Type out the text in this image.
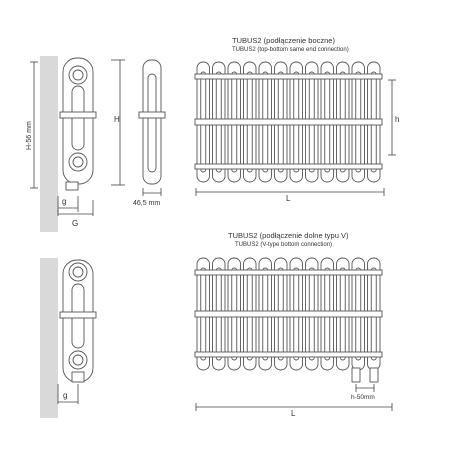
H-56 mm
g
G
H
46,5 mm
TUBUS2 (podłączenie boczne)
TUBUS2 (top-bottom same end connection)
h
L
g
TUBUS2 (podłączenie dolne typu V)
TUBUS2 (V-type bottom connection)
h-50mm
L
